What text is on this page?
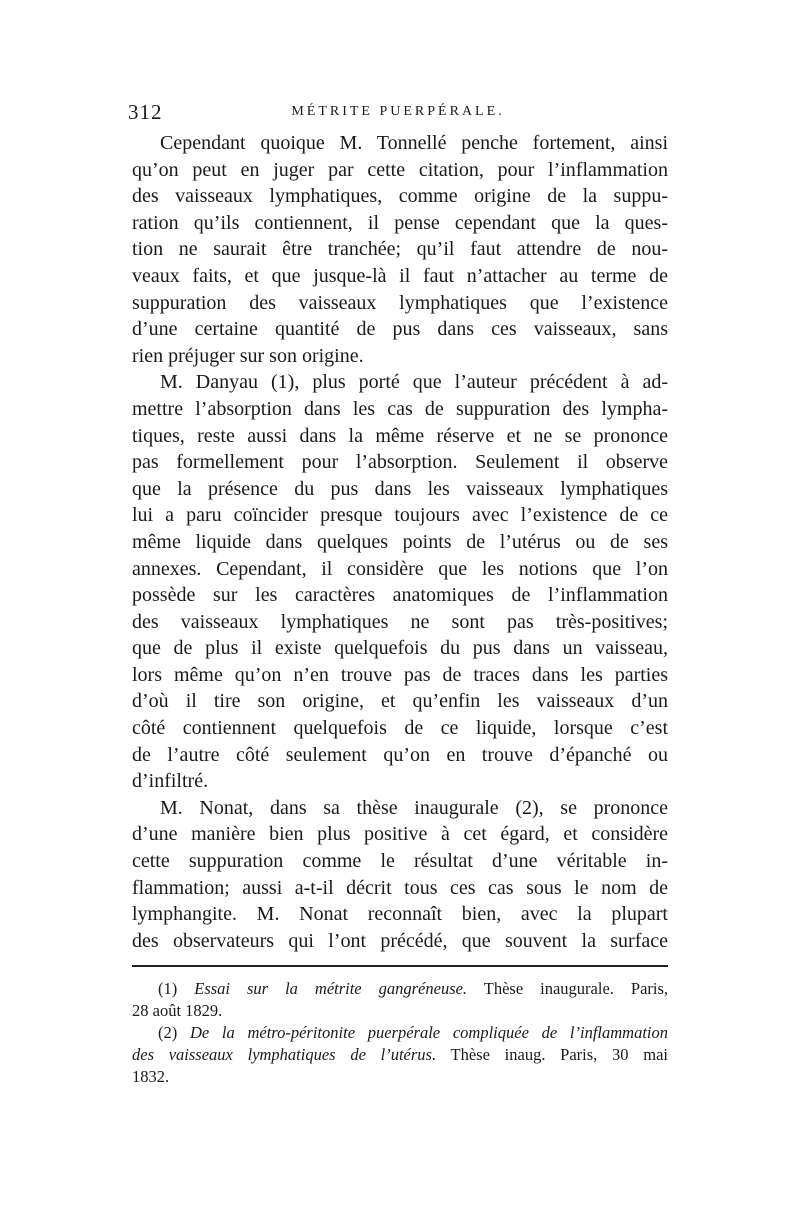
312	MÉTRITE PUERPÉRALE.
Cependant quoique M. Tonnellé penche fortement, ainsi
qu’on peut en juger par cette citation, pour l’inflammation
des vaisseaux lymphatiques, comme origine de la suppu-
ration qu’ils contiennent, il pense cependant que la ques-
tion ne saurait être tranchée; qu’il faut attendre de nou-
veaux faits, et que jusque-là il faut n’attacher au terme de
suppuration des vaisseaux lymphatiques que l’existence
d’une certaine quantité de pus dans ces vaisseaux, sans
rien préjuger sur son origine.
M. Danyau (1), plus porté que l’auteur précédent à ad-
mettre l’absorption dans les cas de suppuration des lympha-
tiques, reste aussi dans la même réserve et ne se prononce
pas formellement pour l’absorption. Seulement il observe
que la présence du pus dans les vaisseaux lymphatiques
lui a paru coïncider presque toujours avec l’existence de ce
même liquide dans quelques points de l’utérus ou de ses
annexes. Cependant, il considère que les notions que l’on
possède sur les caractères anatomiques de l’inflammation
des vaisseaux lymphatiques ne sont pas très-positives;
que de plus il existe quelquefois du pus dans un vaisseau,
lors même qu’on n’en trouve pas de traces dans les parties
d’où il tire son origine, et qu’enfin les vaisseaux d’un
côté contiennent quelquefois de ce liquide, lorsque c’est
de l’autre côté seulement qu’on en trouve d’épanché ou
d’infiltré.
M. Nonat, dans sa thèse inaugurale (2), se prononce
d’une manière bien plus positive à cet égard, et considère
cette suppuration comme le résultat d’une véritable in-
flammation; aussi a-t-il décrit tous ces cas sous le nom de
lymphangite. M. Nonat reconnaît bien, avec la plupart
des observateurs qui l’ont précédé, que souvent la surface
(1) Essai sur la métrite gangréneuse. Thèse inaugurale. Paris,
28 août 1829.
(2) De la métro-péritonite puerpérale compliquée de l’inflammation
des vaisseaux lymphatiques de l’utérus. Thèse inaug. Paris, 30 mai
1832.
